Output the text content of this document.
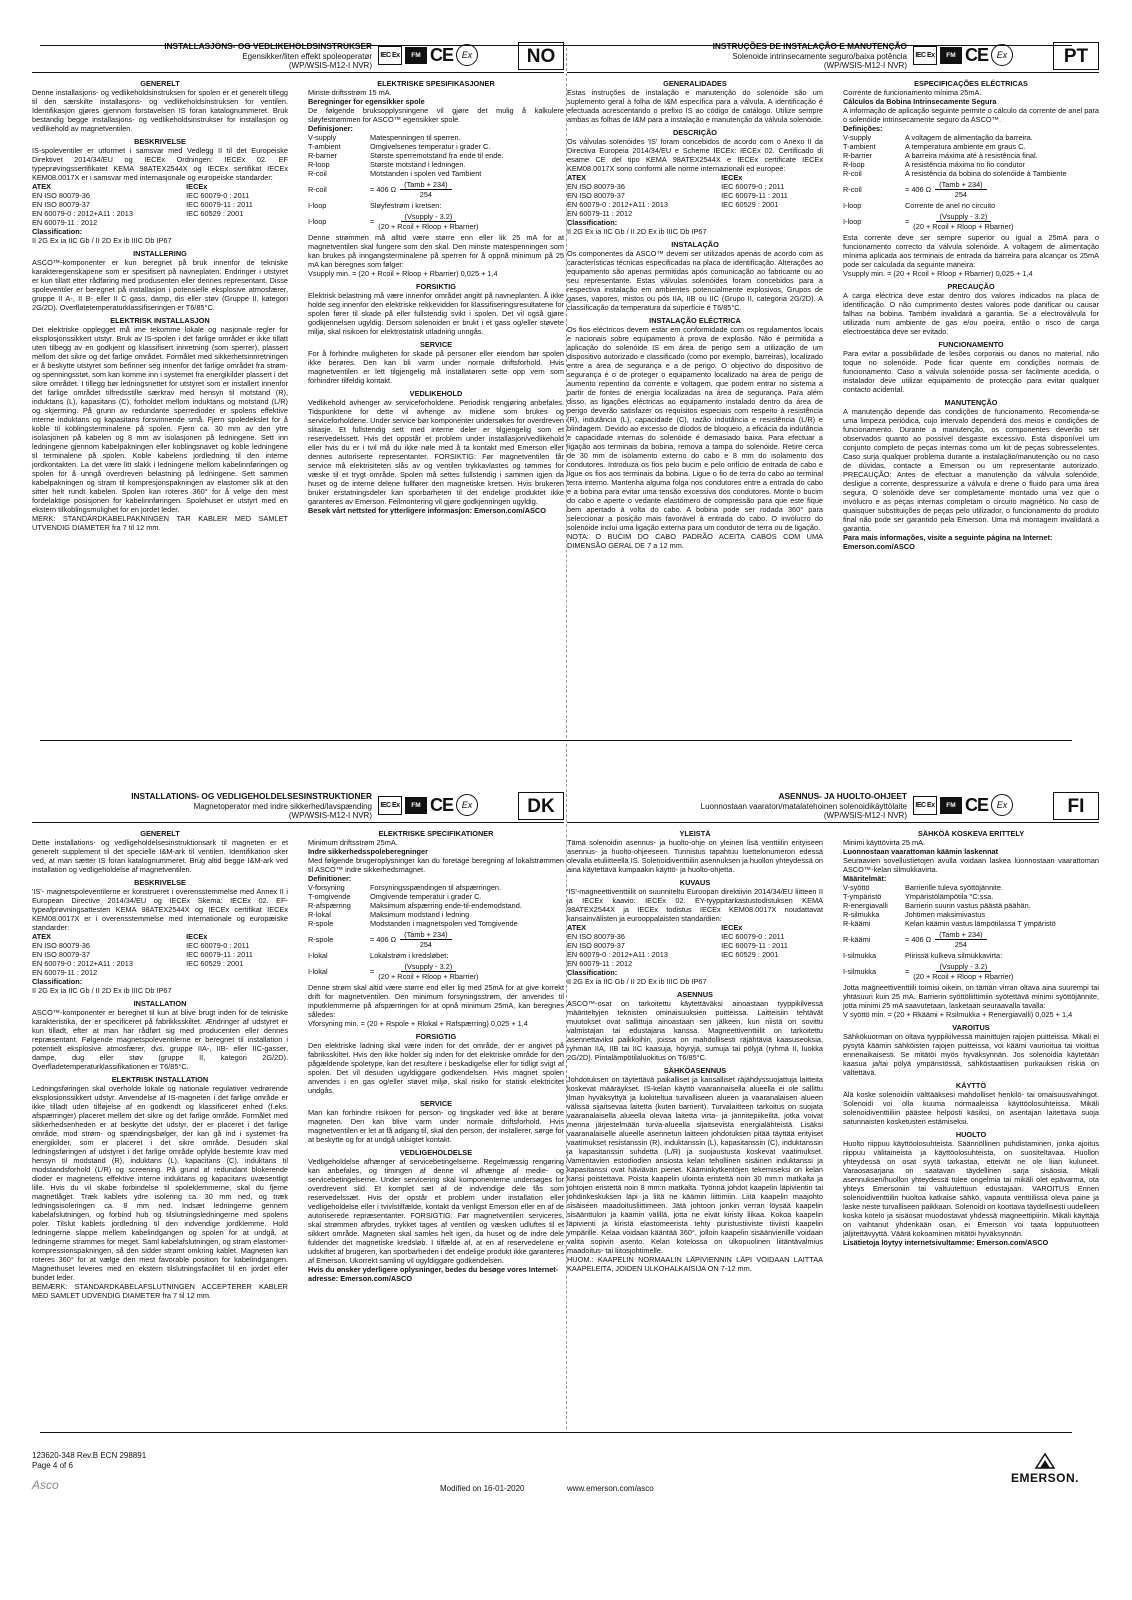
INSTALLASJONS- OG VEDLIKEHOLDSINSTRUKSER
Egensikker/liten effekt spoleoperatør
(WP/WSIS-M12-I NVR)
IEC Ex	FM CE Ex	NO
GENERELT
Denne installasjons- og vedlikeholdsinstruksen for spolen er et generelt tillegg til den særskilte installasjons- og vedlikeholdsinstruksen for ventilen. Identifikasjon gjøres gjennom forstavelsen IS foran katalognummeret. Bruk bestandig begge installasjons- og vedlikeholdsinstrukser for installasjon og vedlikehold av magnetventilen.
BESKRIVELSE
IS-spoleventiler er utformet i samsvar med Vedlegg II til det Europeiske Direktivet 2014/34/EU og IECEx Ordningen: IECEx 02. EF typeprøvingssertifikatet KEMA 98ATEX2544X og IECEx sertifikat IECEx KEM08.0017X er i samsvar med internasjonale og europeiske standarder:
ATEX	IECEx
EN ISO 80079-36	IEC 60079-0 : 2011
EN ISO 80079-37	IEC 60079-11 : 2011
EN 60079-0 : 2012+A11 : 2013	IEC 60529 : 2001
EN 60079-11 : 2012	
Classification:
II 2G Ex ia IIC Gb / II 2D Ex ib IIIC Db IP67
INSTALLERING
ASCO™-komponenter er kun beregnet på bruk innenfor de tekniske karakteregenskapene som er spesifisert på navneplaten. Endringer i utstyret er kun tillatt etter rådføring med produsenten eller dennes representant. Disse spoleventiler er beregnet på installasjon i potensielle eksplosive atmosfærer, gruppe II A-, II B- eller II C gass, damp, dis eller støv (Gruppe II, kategori 2G/2D). Overflatetemperaturklassifiseringen er T6/85°C.
ELEKTRISK INSTALLASJON
Det elektriske opplegget må ime tekomme lokale og nasjonale regler for eksplosjonssikkert utstyr. Bruk av IS-spolen i det farlige området er ikke tillatt uten tilbegg av en godkjent og klassifisert innretning (som sperrer), plassert mellom det sikre og det farlige området. Formålet med sikkerhetsinnretningen er å beskytte utstyret som befinner seg innenfor det farlige området fra strøm- og spenningsstøt, som kan komme inn i systemet fra energikilder plassert i det sikre området. I tillegg bør ledningsnettet for utstyret som er installert innenfor det farlige området tilfredsstille særkrav med hensyn til motstand (R), induktans (L), kapasitans (C), forholdet mellom induktans og motstand (L/R) og skjerming. På grunn av redundante sperredioder er spolens effektive interne induktans og kapasitans forsvinnende små. Fjern spoledekslet for å koble til koblingsterminalene på spolen. Fjern ca. 30 mm av den ytre isolasjonen på kabelen og 8 mm av isolasjonen på ledningene. Sett inn ledningene gjennom kabelpakningen eller koblingsnavet og koble ledningene til terminalene på spolen. Koble kabelens jordledning til den interne jordkontakten. La det være litt slakk i ledningene mellom kabelinnføringen og spolen for å unngå overdreven belastning på ledningene. Sett sammen kabelpakningen og stram til kompresjonspakningen av elastomer slik at den sitter helt rundt kabelen. Spolen kan roteres 360° for å velge den mest fordelaktige posisjonen for kabelinnføringen. Spolehuset er utstyrt med en ekstern tilkoblingsmulighet for en jordet leder.
MERK: STANDARDKABELPAKNINGEN TAR KABLER MED SAMLET UTVENDIG DIAMETER fra 7 til 12 mm.
ELEKTRISKE SPESIFIKASJONER
Minste driftsstrøm 15 mA.
Beregninger for egensikker spole
De følgende bruksopplysningene vil gjøre det mulig å kalkulere sløyfestrømmen for ASCO™ egensikker spole.
Definisjoner:
V-supply	Matespenningen til sperren.
T-ambient	Omgivelsenes temperatur i grader C.
R-barrier	Største sperremotstand fra ende til ende.
R-loop	Største motstand i ledningen.
R-coil	Motstanden i spolen ved Tambient
R-coil	= 406 Ω $\frac{\text{(Tamb + 234)}}{254}$
I-loop	Sløyfestrøm i kretsen:
I-loop	= $\frac{\text{(Vsupply - 3.2)}}{\text{(20 + Rcoil + Rloop + Rbarrier)}}$
Denne strømmen må alltid være større enn eller lik 25 mA for at magnetventilen skal fungere som den skal. Den minste matespenningen som kan brukes på inngangsterminalene på sperren for å oppnå minimum på 25 mA kan beregnes som følger:
Vsupply min. = (20 + Rcoil + Rloop + Rbarrier) 0,025 + 1,4
FORSIKTIG
Elektrisk belastning må være innenfor området angitt på navneplanten. Å ikke holde seg innenfor den elektriske rekkevidden for klassifiseringsresultatene for spolen fører til skade på eller fullstendig svikt i spolen. Det vil også gjøre godkjennelsen ugyldig. Dersom solenoiden er brukt i et gass og/eller støvete miljø, skal risikoen for elektrostatisk utladning unngås.
SERVICE
For å forhindre muligheten for skade på personer eller eiendom bør spolen ikke berøres. Den kan bli varm under normale driftsforhold. Hvis magnetventilen er lett tilgjengelig må installatøren sette opp vern som forhindrer tilfeldig kontakt.
VEDLIKEHOLD
Vedlikehold avhenger av serviceforholdene. Periodisk rengjøring anbefales. Tidspunktene for dette vil avhenge av midlene som brukes og serviceforholdene. Under service bør komponenter undersøkes for overdreven slitasje. Et fullstendig sett med interne deler er tilgjengelig som et reservedelssett. Hvis det oppstår et problem under installasjon/vedlikehold eller hvis du er i tvil må du ikke nøle med å ta kontakt med Emerson eller dennes autoriserte representanter. FORSIKTIG: Før magnetventilen får service må elektrisiteten slås av og ventilen trykkavlastes og tømmes for væske til et trygt område. Spolen må settes fullstendig i sammen igjen da huset og de interne delene fullfører den magnetiske kretsen. Hvis brukeren bruker erstatningsdeler kan sporbarheten til det endelige produktet ikke garanteres av Emerson. Feilmontering vil gjøre godkjenningen ugyldig.
Besøk vårt nettsted for ytterligere informasjon: Emerson.com/ASCO
INSTRUÇÕES DE INSTALAÇÃO E MANUTENÇÃO
Solenoide intrinsecamente seguro/baixa potência
(WP/WSIS-M12-I NVR)
IEC Ex	FM CE Ex	PT
GENERALIDADES
Estas instruções de instalação e manutenção do solenóide são um suplemento geral à folha de I&M específica para a válvula. A identificação é efectuada acrescentando o prefixo IS ao código de catálogo. Utilize sempre ambas as folhas de I&M para a instalação e manutenção da válvula solenóide.
DESCRIÇÃO
Os válvulas solenóides 'IS' foram concebidos de acordo com o Anexo II da Directiva Europeia 2014/34/EU e Scheme IECEx: IECEx 02. Certificado di esame CE del tipo KEMA 98ATEX2544X e IECEx certificate IECEx KEM08.0017X sono conformi alle norme internazionali ed europee:
ATEX	IECEx
EN ISO 80079-36	IEC 60079-0 : 2011
EN ISO 80079-37	IEC 60079-11 : 2011
EN 60079-0 : 2012+A11 : 2013	IEC 60529 : 2001
EN 60079-11 : 2012	
Classification:
II 2G Ex ia IIC Gb / II 2D Ex ib IIIC Db IP67
INSTALAÇÃO
Os componentes da ASCO™ devem ser utilizados apenas de acordo com as características técnicas especificadas na placa de identificação. Alterações ao equipamento são apenas permitidas após comunicação ao fabricante ou ao seu representante. Estas válvulas solenóides foram concebidos para a respectiva instalação em ambientes potencialmente explosivos, Grupos de gases, vapores, mistos ou pós IIA, IIB ou IIC (Grupo II, categoria 2G/2D). A classificação da temperatura da superfície é T6/85°C.
INSTALAÇÃO ELÉCTRICA
Os fios eléctricos devem estar em conformidade com os regulamentos locais e nacionais sobre equipamento à prova de explosão. Não é permitida a aplicação do solenóide IS em área de perigo sem a utilização de um dispositivo autorizado e classificado (como por exemplo, barreiras), localizado entre a área de segurança e a de perigo. O objectivo do dispositivo de segurança é o de proteger o equipamento localizado na área de perigo de aumento repentino da corrente e voltagem, que podem entrar no sistema a partir de fontes de energia localizadas na área de segurança. Para além disso, as ligações eléctricas ao equipamento instalado dentro da área de perigo deverão satisfazer os requisitos especiais com respeito à resistência (R), indutância (L), capacidade (C), razão indutância e resistência (L/R) e blindagem. Devido ao excesso de díodos de bloqueio, a eficácia da indutância e capacidade internas do solenóide é demasiado baixa. Para efectuar a ligação aos terminais da bobina, remova a tampa do solenóide. Retire cerca de 30 mm de isolamento externo do cabo e 8 mm do isolamento dos condutores. Introduza os fios pelo bucim e pelo orifício de entrada de cabo e ligue os fios aos terminais da bobina. Ligue o fio de terra do cabo ao terminal terra interno. Mantenha alguma folga nos condutores entre a entrada do cabo e a bobina para evitar uma tensão excessiva dos condutores. Monte o bucim do cabo e aperte o vedante elastómero de compressão para que este fique bem apertado à volta do cabo. A bobina pode ser rodada 360° para seleccionar a posição mais favorável à entrada do cabo. O invólucro do solenóide inclui uma ligação externa para um condutor de terra ou de ligação.
NOTA: O BUCIM DO CABO PADRÃO ACEITA CABOS COM UMA DIMENSÃO GERAL DE 7 a 12 mm.
ESPECIFICAÇÕES ELÉCTRICAS
Corrente de funcionamento mínima 25mA.
Cálculos da Bobina Intrinsecamente Segura
A informação de aplicação seguinte permite o cálculo da corrente de anel para o solenóide intrinsecamente seguro da ASCO™.
Definições:
V-supply	A voltagem de alimentação da barreira.
T-ambient	A temperatura ambiente em graus C.
R-barrier	A barreira máxima até à resistência final.
R-loop	A resistência máxima no fio condutor
R-coil	A resistência da bobina do solenóide à Tambiente
R-coil	= 406 Ω $\frac{\text{(Tamb + 234)}}{254}$
I-loop	Corrente de anel no circuito
I-loop	= $\frac{\text{(Vsupply - 3.2)}}{\text{(20 + Rcoil + Rloop + Rbarrier)}}$
Esta corrente deve ser sempre superior ou igual a 25mA para o funcionamento correcto da válvula solenóide. A voltagem de alimentação mínima aplicada aos terminais de entrada da barreira para alcançar os 25mA pode ser calculada da seguinte maneira:
Vsupply min. = (20 + Rcoil + Rloop + Rbarrier) 0,025 + 1,4
PRECAUÇÃO
A carga eléctrica deve estar dentro dos valores indicados na placa de identificação. O não cumprimento destes valores pode danificar ou causar falhas na bobina. Também invalidará a garantia. Se a electroválvula for utilizada num ambiente de gas e/ou poeira, então o risco de carga electroestática deve ser evitado.
FUNCIONAMENTO
Para evitar a possibilidade de lesões corporais ou danos no material, não toque no solenóide. Pode ficar quente em condições normais de funcionamento. Caso a válvula solenóide possa ser facilmente acedida, o instalador deve utilizar equipamento de protecção para evitar qualquer contacto acidental.
MANUTENÇÃO
A manutenção depende das condições de funcionamento. Recomenda-se uma limpeza periódica, cujo intervalo dependerá dos meios e condições de funcionamento. Durante a manutenção, os componentes deverão ser observados quanto ao possível desgaste excessivo. Está disponível um conjunto completo de peças internas como um kit de peças sobresselentes. Caso surja qualquer problema durante a instalação/manutenção ou no caso de dúvidas, contacte a Emerson ou um representante autorizado. PRECAUÇÃO: Antes de efectuar a manutenção da válvula solenóide, desligue a corrente, despressurize a válvula e drene o fluido para uma área segura. O solenóide deve ser completamente montado uma vez que o invólucro e as peças internas completam o circuito magnético. No caso de quaisquer substituições de peças pelo utilizador, o funcionamento do produto final não pode ser garantido pela Emerson. Uma má montagem invalidará a garantia.
Para mais informações, visite a seguinte página na Internet: Emerson.com/ASCO
INSTALLATIONS- OG VEDLIGEHOLDELSESINSTRUKTIONER
Magnetoperator med indre sikkerhed/lavspænding
(WP/WSIS-M12-I NVR)
IEC Ex	FM CE Ex	DK
GENERELT
Dette installations- og vedligeholdelsesinstruktionsark til magneten er et generelt supplement til det specielle I&M-ark til ventilen. Identifikation sker ved, at man sætter IS foran katalognummeret. Brug altid begge I&M-ark ved installation og vedligeholdelse af magnetventilen.
BESKRIVELSE
'IS'- magnetspoleventilerne er konstrueret i overensstemmelse med Annex II i European Directive 2014/34/EU og IECEx Skema: IECEx 02. EF-typeafprøvningsattesten KEMA 98ATEX2544X og IECEx certifikat IECEx KEM08.0017X er i overensstemmelse med internationale og europæiske standarder:
ATEX	IECEx
EN ISO 80079-36	IEC 60079-0 : 2011
EN ISO 80079-37	IEC 60079-11 : 2011
EN 60079-0 : 2012+A11 : 2013	IEC 60529 : 2001
EN 60079-11 : 2012	
Classification:
II 2G Ex ia IIC Gb / II 2D Ex ib IIIC Db IP67
INSTALLATION
ASCO™-komponenter er beregnet til kun at blive brugt inden for de tekniske karakteristika, der er specificeret på fabrikksskiltet. Ændringer af udstyret er kun tilladt, efter at man har rådført sig med producenten eller dennes repræsentant. Følgende magnetspoleventilerne er beregnet til installation i potentielt eksplosive atmosfærer, dvs. gruppe IIA-, IIB- eller IIC-gasser, dampe, dug eller støv (gruppe II, kategori 2G/2D). Overfladetemperaturklassifikationen er T6/85°C.
ELEKTRISK INSTALLATION
Ledningsføringen skal overholde lokale og nationale regulativer vedrørende eksplosionssikkert udstyr. Anvendelse af IS-magneten i det farlige område er ikke tilladt uden tilføjelse af en godkendt og klassificeret enhed (f.eks. afspærringer) placeret mellem det sikre og det farlige område. Formålet med sikkerhedsenheden er at beskytte det udstyr, der er placeret i det farlige område, mod strøm- og spændingsbølger, der kan gå ind i systemet fra energikilder, som er placeret i det sikre område. Desuden skal ledningsføringen af udstyret i det farlige område opfylde bestemte krav med hensyn til modstand (R), induktans (L), kapacitans (C), induktans til modstandsforhold (L/R) og screening. På grund af redundant blokerende dioder er magnetens effektive interne induktans og kapacitans uvæsentligt lille. Hvis du vil skabe forbindelse til spoleklemmerne, skal du fjerne magnetlåget. Træk kablets ydre isolering ca. 30 mm ned, og træk ledningsisoleringen ca. 8 mm ned. Indsæt ledningerne gennem kabelafslutningen, og forbind hub og tilslutningsledningerne med spolens poler. Tilslut kablets jordledning til den indvendige jordklemme. Hold ledningerne slappe mellem kabelindgangen og spolen for at undgå, at ledningerne strammes for meget. Saml kabelafslutningen, og stram elastomer-kompressionspakningen, så den sidder stramt omkring kablet. Magneten kan roteres 360° for at vælge den mest favorable position for kabelindgangen. Magnethuset leveres med en ekstern tilslutningsfacilitet til en jordet eller bundet leder.
BEMÆRK: STANDARDKABELAFSLUTNINGEN ACCEPTERER KABLER MED SAMLET UDVENDIG DIAMETER fra 7 til 12 mm.
ELEKTRISKE SPECIFIKATIONER
Minimum driftsstrøm 25mA.
Indre sikkerhedsspoleberegninger
Med følgende brugeroplysninger kan du foretage beregning af lokalstrømmen til ASCO™ indre sikkerhedsmagnet.
Definitioner:
V-forsyning	Forsyningsspændingen til afspærringen.
T-omgivende	Omgivende temperatur i grader C.
R-afspærring	Maksimum afspærring ende-til-endemodstand.
R-lokal	Maksimum modstand i ledning
R-spole	Modstanden i magnetspolen ved Tomgivende
R-spole	= 406 Ω $\frac{\text{(Tamb + 234)}}{254}$
I-lokal	Lokalstrøm i kredsløbet:
I-lokal	= $\frac{\text{(Vsupply - 3.2)}}{\text{(20 + Rcoil + Rloop + Rbarrier)}}$
Denne strøm skal altid være større end eller lig med 25mA for at give korrekt drift for magnetventilen. Den minimum forsyningsstrøm, der anvendes til inputklemmerne på afspærringen for at opnå minimum 25mA, kan beregnes således:
Vforsyning min. = (20 + Rspole + Rlokal + Rafspærring) 0,025 + 1,4
FORSIGTIG
Den elektriske ladning skal være inden for det område, der er angivet på fabriksskiltet. Hvis den ikke holder sig inden for det elektriske område for den pågældende spoletype, kan det resultere i beskadigelse eller for tidligt svigt af spolen. Det vil desuden ugyldiggøre godkendelsen. Hvis magnet spolen anvendes i en gas og/eller støvet miljø, skal risiko for statisk elektricitet undgås.
SERVICE
Man kan forhindre risikoen for person- og tingskader ved ikke at berøre magneten. Den kan blive varm under normale driftsforhold. Hvis magnetventilen er let at få adgang til, skal den person, der installerer, sørge for at beskytte og for at undgå utilsigtet kontakt.
VEDLIGEHOLDELSE
Vedligeholdelse afhænger af servicebetingelserne. Regelmæssig rengøring kan anbefales, og timingen af denne vil afhænge af medie- og servicebetingelserne. Under servicering skal komponenterne undersøges for overdrevent slid. Et komplet sæt af de indvendige dele fås som reservedelssæt. Hvis der opstår et problem under installation eller vedligeholdelse eller i tvivlstilfælde, kontakt da venligst Emerson eller en af de autoriserede repræsentanter. FORSIGTIG: Før magnetventilen serviceres, skal strømmen afbrydes, trykket tages af ventilen og væsken udluftes til et sikkert område. Magneten skal samles helt igen, da huset og de indre dele fuldender det magnetiske kredsløb. I tilfælde af, at en af reservedelene er udskiftet af brugeren, kan sporbarheden i det endelige produkt ikke garanteres af Emerson. Ukorrekt samling vil ugyldiggøre godkendelsen.
Hvis du ønsker yderligere oplysninger, bedes du besøge vores Internet-adresse: Emerson.com/ASCO
ASENNUS- JA HUOLTO-OHJEET
Luonnostaan vaaraton/matalatehoinen solenoidikäyttölaite
(WP/WSIS-M12-I NVR)
IEC Ex	FM CE Ex	FI
YLEISTÄ
Tämä solenoidin asennus- ja huolto-ohje on yleinen lisä venttiilin erityiseen asennus- ja huolto-ohjeeseen. Tunnistus tapahtuu luettelonumeron edessä olevalla etuliitteellä IS. Solenoidiventtiilin asennuksen ja huollon yhteydessä on aina käytettävä kumpaakin käyttö- ja huolto-ohjetta.
KUVAUS
'IS'-magneettiventtiilit on suunniteltu Euroopan direktiivin 2014/34/EU liitteen II ja IECEx kaavio: IECEx 02. EY-tyyppitarkastustodistuksen KEMA 98ATEX2544X ja IECEx todistus IECEx KEM08.0017X noudattavat kansainvälisten ja eurooppalaisten standardien:
ATEX	IECEx
EN ISO 80079-36	IEC 60079-0 : 2011
EN ISO 80079-37	IEC 60079-11 : 2011
EN 60079-0 : 2012+A11 : 2013	IEC 60529 : 2001
EN 60079-11 : 2012	
Classification:
II 2G Ex ia IIC Gb / II 2D Ex ib IIIC Db IP67
ASENNUS
ASCO™-osat on tarkoitettu käytettäväksi ainoastaan tyyppikilvessä määriteltyjen teknisten ominaisuuksien puitteissa. Laitteisiin tehtävät muutokset ovat sallittuja ainoastaan sen jälkeen, kun niistä on sovittu valmistajan tai edustajana kanssa. Magneettiventtiilit on tarkoitettu asennettaviksi paikkoihin, joissa on mahdollisesti räjähtäviä kaasuseoksia, ryhmän IIA, IIB tai IIC kaasuja, höyryjä, sumuja tai pölyjä (ryhmä II, luokka 2G/2D). Pintalämpötilaluokitus on T6/85°C.
SÄHKÖASENNUS
Johdotuksen on täytettävä paikalliset ja kansalliset räjähdyssuojattuja laitteita koskevat määräykset. IS-kelan käyttö vaarannaisella alueella ei ole sallittu ilman hyväksyttyä ja luokiteltua turvalliseen alueen ja vaaranalaisen alueen välissä sijaitsevaa laitetta (kuten barrierit). Turvalaitteen tarkoitus on suojata vaaranalaisella alueella olevaa laitetta virta- ja jännitepiikeiltä, jotka voivat menna järjestelmään turva-alueella sijaitsevista energialähteistä. Lisäksi vaaranalaiselle alueelle asennetun laitteen johdotuksen pitää täyttää erityiset vaatimukset resistanssin (R), induktanssin (L), kapasitanssin (C), induktanssin ja kapasitanssin suhdetta (L/R) ja suojaustusta koskevat vaatimukset. Vamentavien estodiodien ansiosta kelan tehollinen sisäinen induktanssi ja kapasitanssi ovat häviävän pienet. Kääminkytkentöjen tekemiseksi on kelan kansi poistettava. Poista kaapelin ulointa eristettä noin 30 mm:n matkalta ja johtojen eristettä noin 8 mm:n matkalta. Työnnä johdot kaapelin läpivientin tai johdinkeskuksen läpi ja liitä ne käämin liittimiin. Liitä kaapelin maajohto sisäiseen maadoitusliittimeen. Jätä johtoon jonkin verran löysää kaapelin sisäänttulon ja käämin välillä, jotta ne eivät kiristy liikaa. Kokoa kaapelin läpivienti ja kiristä elastomeerista tehty puristustiiviste tiiviisti kaapelin ympärille. Kelaa voidaan kääntää 360°, jolloin kaapelin sisäänvienille voidaan valita sopivin asento. Kelan kotelossa on ulkopuolinen liitäntävalmius maadoitus- tai liitosjohtimelle.
HUOM.: KAAPELIN NORMAALIN LÄPIVIENNIN LÄPI VOIDAAN LAITTAA KAAPELEITA, JOIDEN ULKOHALKAISIJA ON 7-12 mm.
SÄHKÖÄ KOSKEVA ERITTELY
Minimi käyttövirta 25 mA.
Luonnostaan vaarattoman käämin laskennat
Seuraavien sovellustietojen avulla voidaan laskea luonnostaan vaarattoman ASCO™-kelan silmukkavirta.
Määritelmät:
V-syöttö	Barrierille tuleva syöttöjännite.
T-ympäristö	Ympäristölämpötila °C:ssa.
R-energiavalli	Barrierin suurin vastus päästä päähän.
R-silmukka	Johtimen maksimivastus
R-käämi	Kelan käämin vastus lämpötilassa T ympäristö
R-käämi	= 406 Ω $\frac{\text{(Tamb + 234)}}{254}$
I-silmukka	Piirissä kulkeva silmukkavirta:
I-silmukka	= $\frac{\text{(Vsupply - 3.2)}}{\text{(20 + Rcoil + Rloop + Rbarrier)}}$
Jotta magneettiventtiili toimisi oikein, on tämän virran oltava aina suurempi tai yhtäsuuri kuin 25 mA. Barrierin syöttöliittimiin syötettävä minimi syöttöjännite, jotta minimi 25 mA saavutetaan, lasketaan seuraavalla tavalla:
V syöttö min. = (20 + Rkäämi + Rsilmukka + Renergiavalli) 0,025 + 1,4
VAROITUS
Sähkökuorman on oltava tyyppikilvessä mainittujen rajojen puitteissa. Mikäli ei pysytä käämin sähköisten rajojen puitteissa, voi käämi vaurioitua tai vioittua ennenaikaisesti. Se mitätöi myös hyväksynnän. Jos solenoidia käytetään kaasua ja/tai pölyä ympäristössä, sähköstaattisen purkauksen riskiä on vältettävä.
KÄYTTÖ
Älä koske solenoidiin välttääksesi mahdolliset henkilö- tai omaisuusvahingot. Solenoidi voi olla kuuma normaaleissa käyttöolosuhteissa. Mikäli solenoidiventtiiliin päästee helposti käsiksi, on asentajan laitettava suoja satunnaisten kosketusten estämiseksi.
HUOLTO
Huolto riippuu käyttöolosuhteista. Säännöllinen puhdistaminen, jonka ajoitus riippuu välitaineista ja käyttöolosuhteista, on suositeltavaa. Huollon yhteydessä on osat syytä tarkastaa, etteivät ne ole liian kuluneet. Varaosasarjana on saatavan täydellinen sarja sisäosia. Mikäli asennuksen/huollon yhteydessä tulee ongelmia tai mikäli olet epävarma, ota yhteys Emersoniin tai valtuutettuun edustajaan. VAROITUS Ennen solenoidiventtiilin huoltoa katkaise sähkö, vapauta venttiilissä oleva paine ja laske neste turvalliseen paikkaan. Solenoidi on koottava täydellisesti uudelleen koska kotelo ja sisäosat muodostavat yhdessä magneettipiirin. Mikäli käyttäjä on vaihtanut yhdenkään osan, ei Emerson voi taata lopputuotteen jäljitettävyyttä. Väärä kokoaminen mitätöi hyväksynnän.
Lisätietoja löytyy internetsivultamme: Emerson.com/ASCO
123620-348 Rev.B ECN 298891
Page 4 of 6
Asco	Modified on 16-01-2020	www.emerson.com/asco
EMERSON.
